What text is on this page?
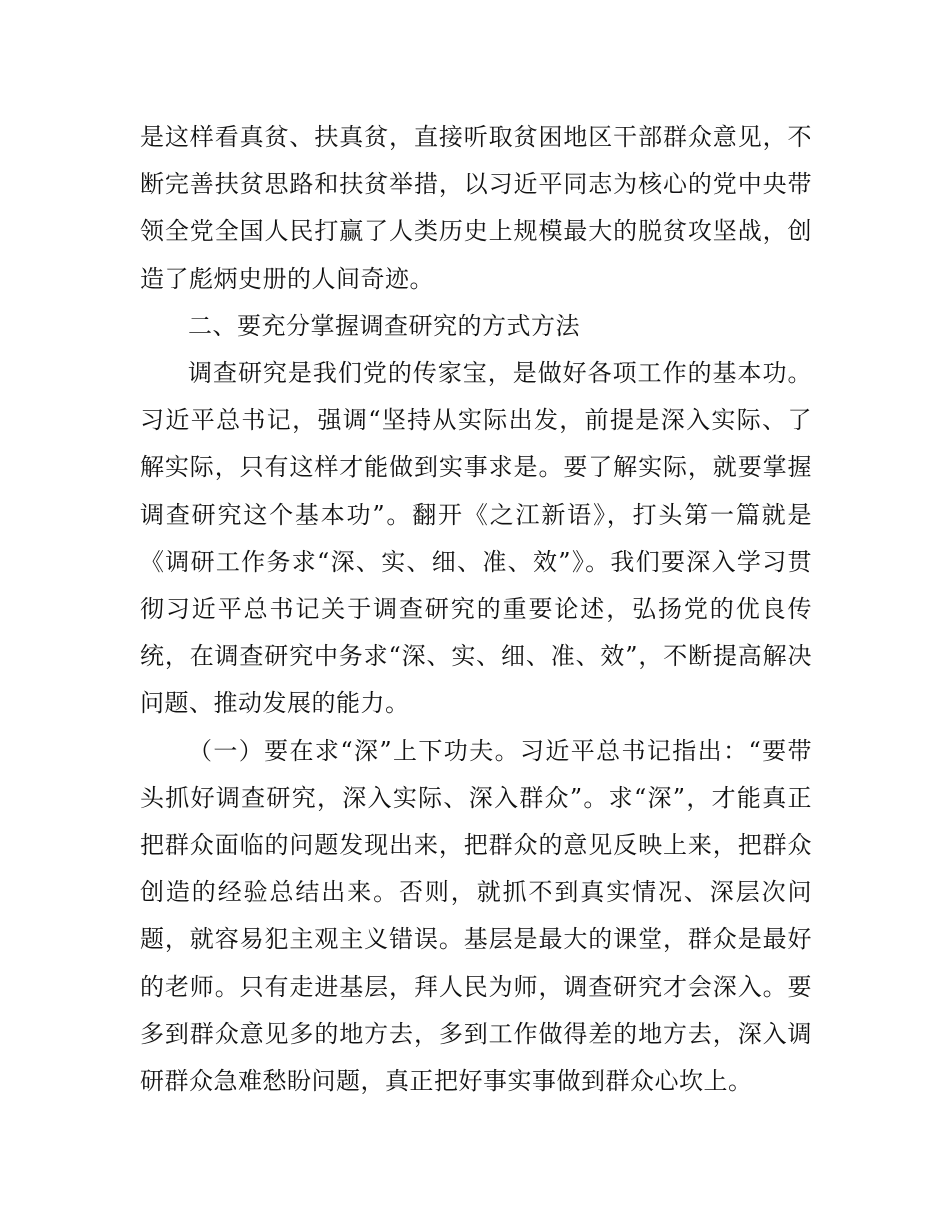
是这样看真贫、扶真贫，直接听取贫困地区干部群众意见，不断完善扶贫思路和扶贫举措，以习近平同志为核心的党中央带领全党全国人民打赢了人类历史上规模最大的脱贫攻坚战，创造了彪炳史册的人间奇迹。

二、要充分掌握调查研究的方式方法

调查研究是我们党的传家宝，是做好各项工作的基本功。习近平总书记，强调“坚持从实际出发，前提是深入实际、了解实际，只有这样才能做到实事求是。要了解实际，就要掌握调查研究这个基本功”。翻开《之江新语》，打头第一篇就是《调研工作务求“深、实、细、准、效”》。我们要深入学习贯彻习近平总书记关于调查研究的重要论述，弘扬党的优良传统，在调查研究中务求“深、实、细、准、效”，不断提高解决问题、推动发展的能力。

（一）要在求“深”上下功夫。习近平总书记指出：“要带头抓好调查研究，深入实际、深入群众”。求“深”，才能真正把群众面临的问题发现出来，把群众的意见反映上来，把群众创造的经验总结出来。否则，就抓不到真实情况、深层次问题，就容易犯主观主义错误。基层是最大的课堂，群众是最好的老师。只有走进基层，拜人民为师，调查研究才会深入。要多到群众意见多的地方去，多到工作做得差的地方去，深入调研群众急难愁盼问题，真正把好事实事做到群众心坎上。
